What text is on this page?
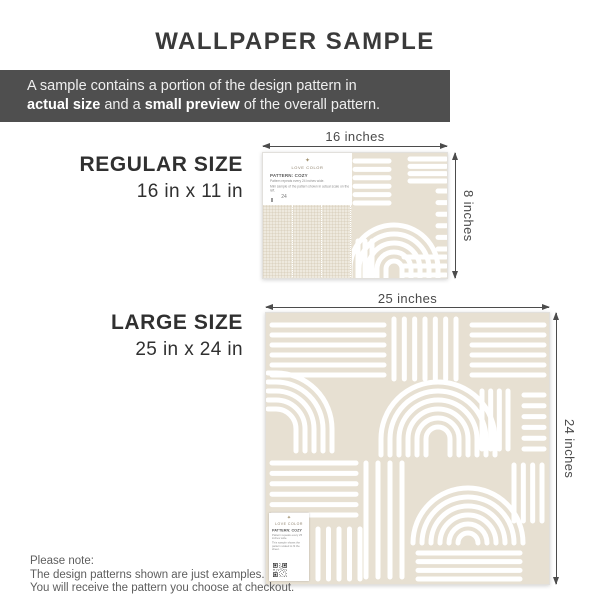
WALLPAPER SAMPLE
A sample contains a portion of the design pattern in
actual size and a small preview of the overall pattern.
REGULAR SIZE
16 in x 11 in
16 inches
✦
LOVE COLOR
PATTERN: COZY

Pattern repeats every 24 inches wide.

Mini sample of the pattern shown in actual scale on the left.

24	8 inches
LARGE SIZE
25 in x 24 in
25 inches
✦
LOVE COLOR
PATTERN: COZY

Pattern repeats every 25 inches wide.

This sample shows the pattern scaled to fit the sheet.

24 inches
Please note:
The design patterns shown are just examples.
You will receive the pattern you choose at checkout.
